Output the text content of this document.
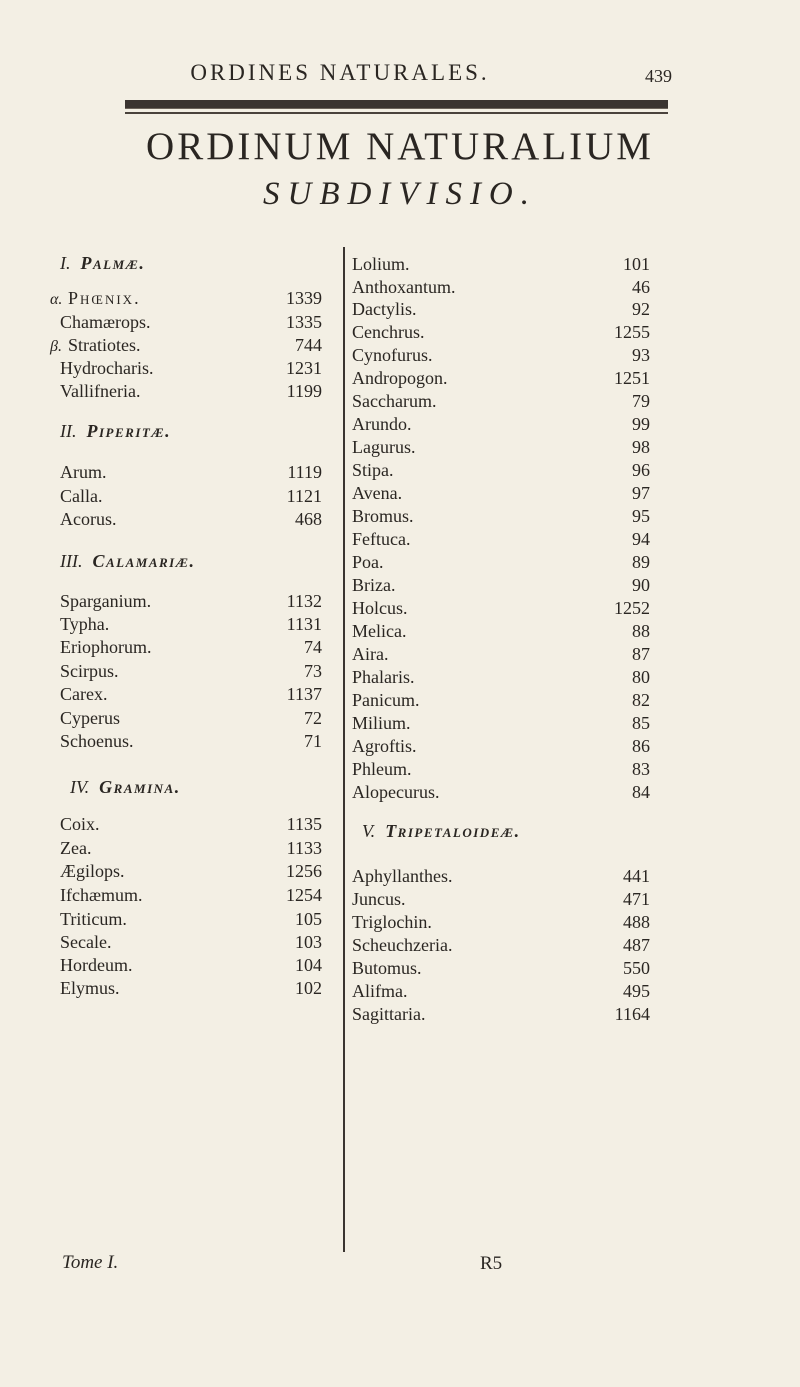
ORDINES NATURALES.	439
ORDINUM NATURALIUM
SUBDIVISIO.
I. Palmæ.
α. Phœnix.	1339
Chamærops.	1335
β. Stratiotes.	744
Hydrocharis.	1231
Vallifneria.	1199
II. Piperitæ.
Arum.	1119
Calla.	1121
Acorus.	468
III. Calamariæ.
Sparganium.	1132
Typha.	1131
Eriophorum.	74
Scirpus.	73
Carex.	1137
Cyperus	72
Schoenus.	71
IV. Gramina.
Coix.	1135
Zea.	1133
Ægilops.	1256
Ifchæmum.	1254
Triticum.	105
Secale.	103
Hordeum.	104
Elymus.	102
Lolium.	101
Anthoxantum.	46
Dactylis.	92
Cenchrus.	1255
Cynofurus.	93
Andropogon.	1251
Saccharum.	79
Arundo.	99
Lagurus.	98
Stipa.	96
Avena.	97
Bromus.	95
Feftuca.	94
Poa.	89
Briza.	90
Holcus.	1252
Melica.	88
Aira.	87
Phalaris.	80
Panicum.	82
Milium.	85
Agroftis.	86
Phleum.	83
Alopecurus.	84
V. Tripetaloideæ.
Aphyllanthes.	441
Juncus.	471
Triglochin.	488
Scheuchzeria.	487
Butomus.	550
Alifma.	495
Sagittaria.	1164
Tome I.	R5
